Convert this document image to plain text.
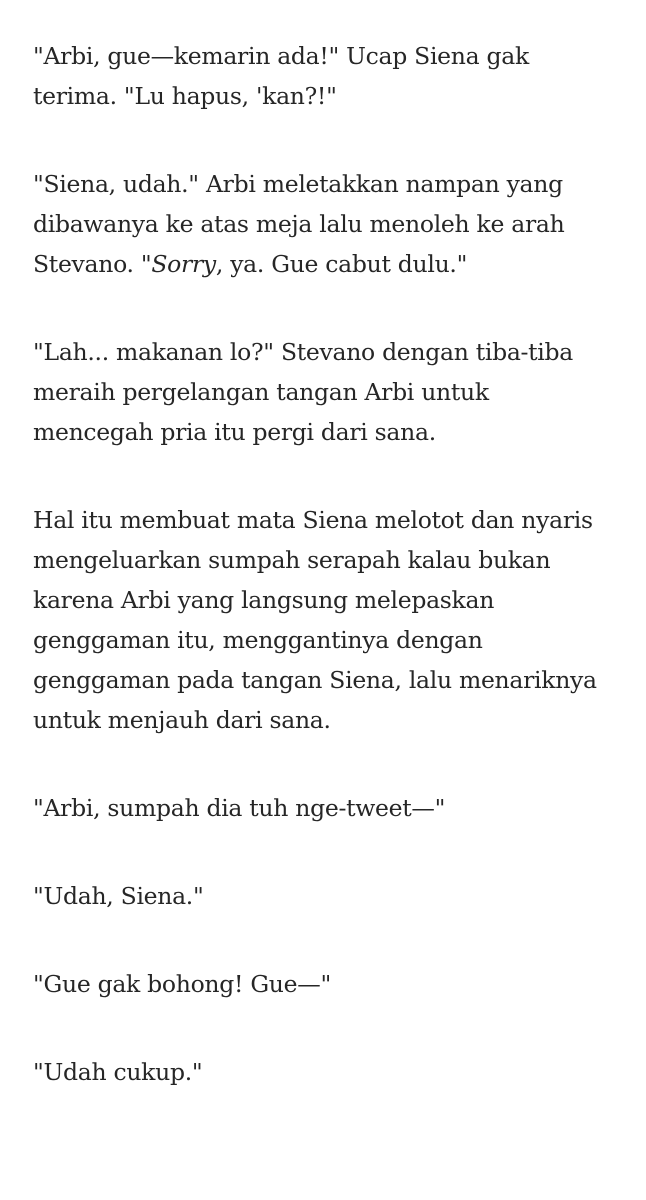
"Arbi, gue—kemarin ada!" Ucap Siena gak
terima. "Lu hapus, 'kan?!"

"Siena, udah." Arbi meletakkan nampan yang
dibawanya ke atas meja lalu menoleh ke arah
Stevano. "Sorry, ya. Gue cabut dulu."

"Lah... makanan lo?" Stevano dengan tiba-tiba
meraih pergelangan tangan Arbi untuk
mencegah pria itu pergi dari sana.

Hal itu membuat mata Siena melotot dan nyaris
mengeluarkan sumpah serapah kalau bukan
karena Arbi yang langsung melepaskan
genggaman itu, menggantinya dengan
genggaman pada tangan Siena, lalu menariknya
untuk menjauh dari sana.

"Arbi, sumpah dia tuh nge-tweet—"

"Udah, Siena."

"Gue gak bohong! Gue—"

"Udah cukup."
